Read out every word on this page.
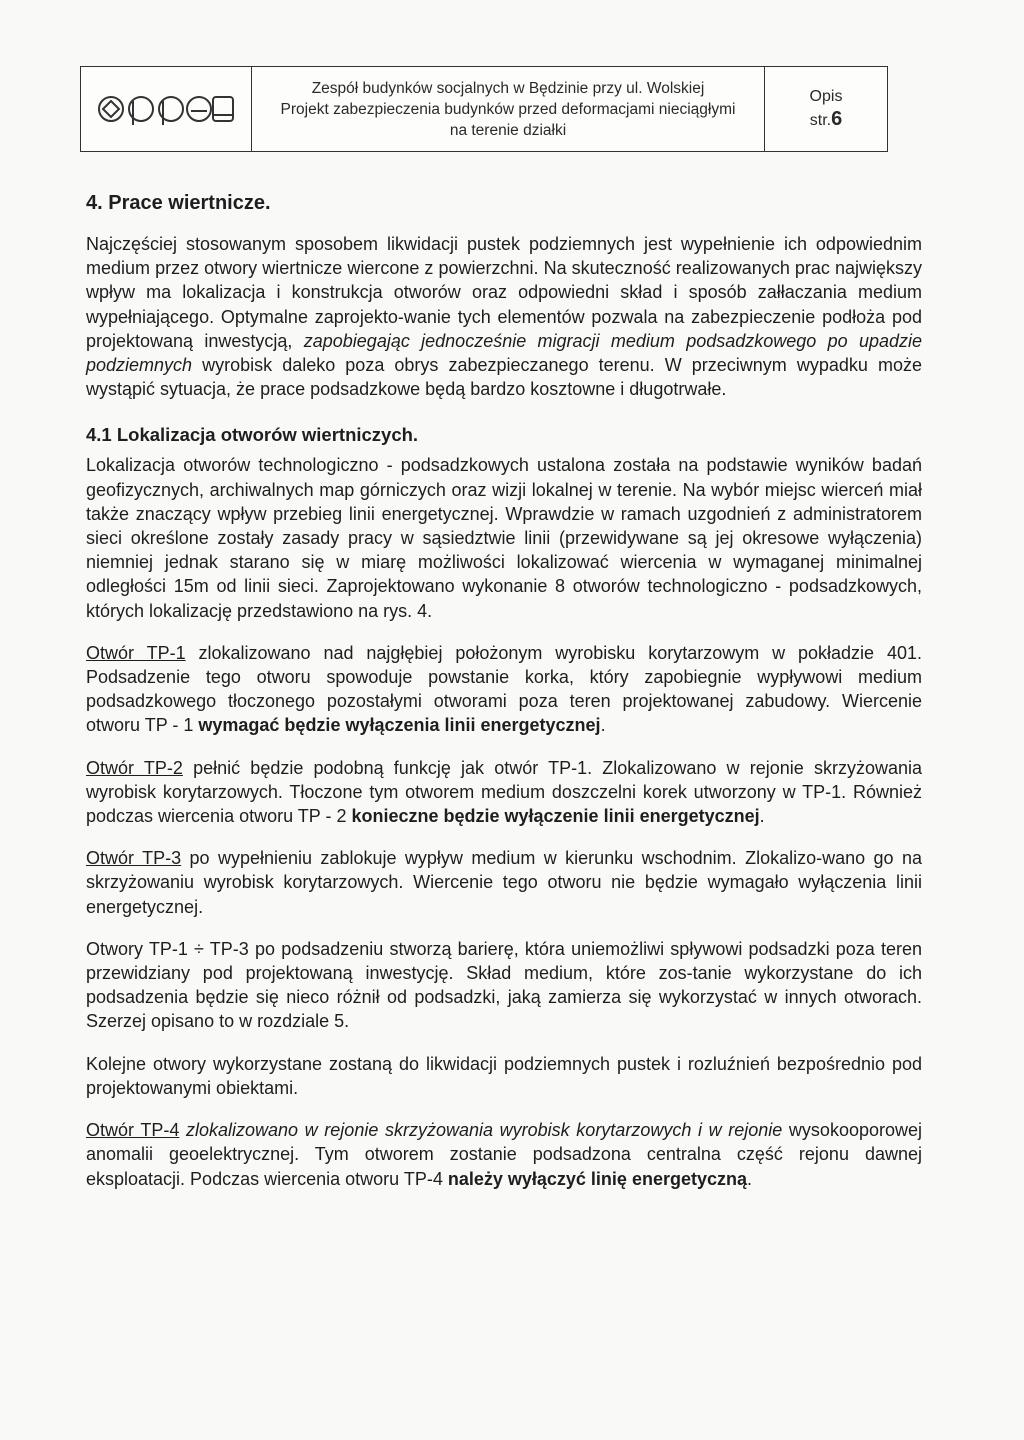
Zespół budynków socjalnych w Będzinie przy ul. Wolskiej
Projekt zabezpieczenia budynków przed deformacjami nieciągłymi
na terenie działki
Opis
str.6
4. Prace wiertnicze.

Najczęściej stosowanym sposobem likwidacji pustek podziemnych jest wypełnienie ich odpowiednim medium przez otwory wiertnicze wiercone z powierzchni. Na skuteczność realizowanych prac największy wpływ ma lokalizacja i konstrukcja otworów oraz odpowiedni skład i sposób załłaczania medium wypełniającego. Optymalne zaprojekto-wanie tych elementów pozwala na zabezpieczenie podłoża pod projektowaną inwestycją, zapobiegając jednocześnie migracji medium podsadzkowego po upadzie podziemnych wyrobisk daleko poza obrys zabezpieczanego terenu. W przeciwnym wypadku może wystąpić sytuacja, że prace podsadzkowe będą bardzo kosztowne i długotrwałe.

4.1 Lokalizacja otworów wiertniczych.

Lokalizacja otworów technologiczno - podsadzkowych ustalona została na podstawie wyników badań geofizycznych, archiwalnych map górniczych oraz wizji lokalnej w terenie. Na wybór miejsc wierceń miał także znaczący wpływ przebieg linii energetycznej. Wprawdzie w ramach uzgodnień z administratorem sieci określone zostały zasady pracy w sąsiedztwie linii (przewidywane są jej okresowe wyłączenia) niemniej jednak starano się w miarę możliwości lokalizować wiercenia w wymaganej minimalnej odległości 15m od linii sieci. Zaprojektowano wykonanie 8 otworów technologiczno - podsadzkowych, których lokalizację przedstawiono na rys. 4.

Otwór TP-1 zlokalizowano nad najgłębiej położonym wyrobisku korytarzowym w pokładzie 401. Podsadzenie tego otworu spowoduje powstanie korka, który zapobiegnie wypływowi medium podsadzkowego tłoczonego pozostałymi otworami poza teren projektowanej zabudowy. Wiercenie otworu TP - 1 wymagać będzie wyłączenia linii energetycznej.

Otwór TP-2 pełnić będzie podobną funkcję jak otwór TP-1. Zlokalizowano w rejonie skrzyżowania wyrobisk korytarzowych. Tłoczone tym otworem medium doszczelni korek utworzony w TP-1. Również podczas wiercenia otworu TP - 2 konieczne będzie wyłączenie linii energetycznej.

Otwór TP-3 po wypełnieniu zablokuje wypływ medium w kierunku wschodnim. Zlokalizo-wano go na skrzyżowaniu wyrobisk korytarzowych. Wiercenie tego otworu nie będzie wymagało wyłączenia linii energetycznej.

Otwory TP-1 ÷ TP-3 po podsadzeniu stworzą barierę, która uniemożliwi spływowi podsadzki poza teren przewidziany pod projektowaną inwestycję. Skład medium, które zos-tanie wykorzystane do ich podsadzenia będzie się nieco różnił od podsadzki, jaką zamierza się wykorzystać w innych otworach. Szerzej opisano to w rozdziale 5.

Kolejne otwory wykorzystane zostaną do likwidacji podziemnych pustek i rozluźnień bezpośrednio pod projektowanymi obiektami.

Otwór TP-4 zlokalizowano w rejonie skrzyżowania wyrobisk korytarzowych i w rejonie wysokooporowej anomalii geoelektrycznej. Tym otworem zostanie podsadzona centralna część rejonu dawnej eksploatacji. Podczas wiercenia otworu TP-4 należy wyłączyć linię energetyczną.
